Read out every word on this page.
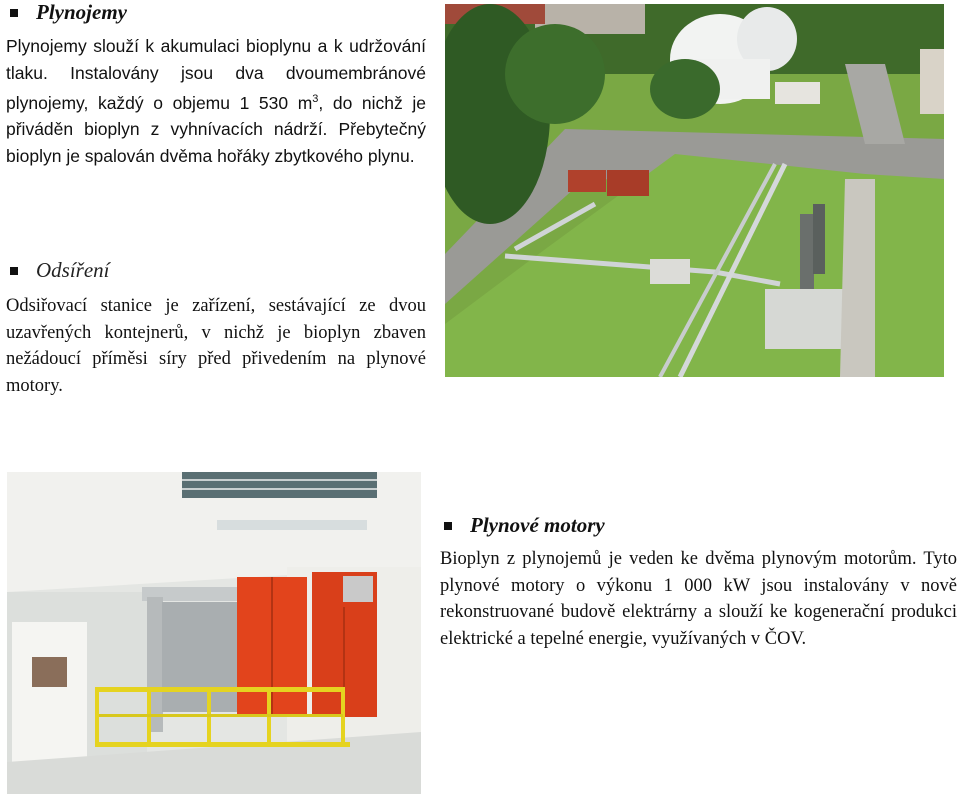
Plynojemy

Plynojemy slouží k akumulaci bioplynu a k udržování tlaku. Instalovány jsou dva dvoumembránové plynojemy, každý o objemu 1 530 $m^3$, do nichž je přiváděn bioplyn z vyhnívacích nádrží. Přebytečný bioplyn je spalován dvěma hořáky zbytkového plynu.

Odsíření

Odsiřovací stanice je zařízení, sestávající ze dvou uzavřených kontejnerů, v nichž je bioplyn zbaven nežádoucí příměsi síry před přivedením na plynové motory.

Plynové motory

Bioplyn z plynojemů je veden ke dvěma plynovým motorům. Tyto plynové motory o výkonu 1 000 kW jsou instalovány v nově rekonstruované budově elektrárny a slouží ke kogenerační produkci elektrické a tepelné energie, využívaných v ČOV.
